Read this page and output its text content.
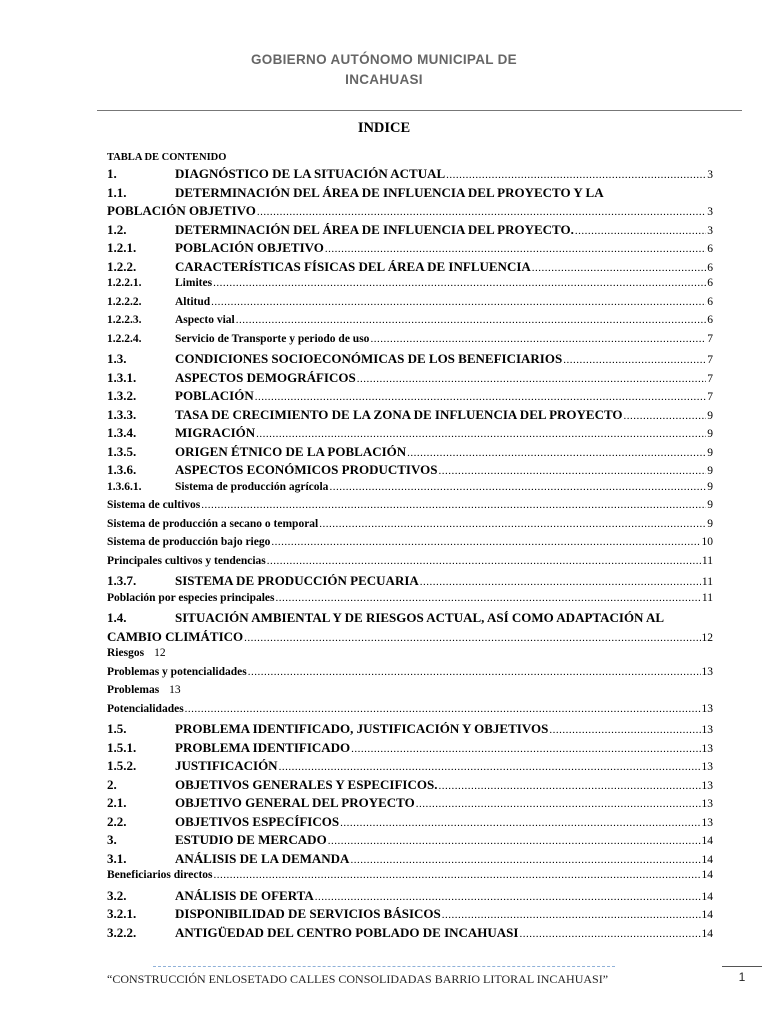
GOBIERNO AUTÓNOMO MUNICIPAL DE
INCAHUASI
INDICE
TABLA DE CONTENIDO
1.	DIAGNÓSTICO DE LA SITUACIÓN ACTUAL .....	3
1.1.	DETERMINACIÓN DEL ÁREA DE INFLUENCIA DEL PROYECTO Y LA
POBLACIÓN OBJETIVO .....	3
1.2.	DETERMINACIÓN DEL ÁREA DE INFLUENCIA DEL PROYECTO. .....	3
1.2.1.	POBLACIÓN OBJETIVO .....	6
1.2.2.	CARACTERÍSTICAS FÍSICAS DEL ÁREA DE INFLUENCIA .....	6
1.2.2.1.	Limites .....	6
1.2.2.2.	Altitud .....	6
1.2.2.3.	Aspecto vial .....	6
1.2.2.4.	Servicio de Transporte y periodo de uso .....	7
1.3.	CONDICIONES SOCIOECONÓMICAS DE LOS BENEFICIARIOS .....	7
1.3.1.	ASPECTOS DEMOGRÁFICOS .....	7
1.3.2.	POBLACIÓN .....	7
1.3.3.	TASA DE CRECIMIENTO DE LA ZONA DE INFLUENCIA DEL PROYECTO .....	9
1.3.4.	MIGRACIÓN .....	9
1.3.5.	ORIGEN ÉTNICO DE LA POBLACIÓN .....	9
1.3.6.	ASPECTOS ECONÓMICOS PRODUCTIVOS .....	9
1.3.6.1.	Sistema de producción agrícola .....	9
Sistema de cultivos .....	9
Sistema de producción a secano o temporal .....	9
Sistema de producción bajo riego .....	10
Principales cultivos y tendencias .....	11
1.3.7.	SISTEMA DE PRODUCCIÓN PECUARIA .....	11
Población por especies principales .....	11
1.4.	SITUACIÓN AMBIENTAL Y DE RIESGOS ACTUAL, ASÍ COMO ADAPTACIÓN AL
CAMBIO CLIMÁTICO .....	12
Riesgos 12
Problemas y potencialidades .....	13
Problemas 13
Potencialidades .....	13
1.5.	PROBLEMA IDENTIFICADO, JUSTIFICACIÓN Y OBJETIVOS .....	13
1.5.1.	PROBLEMA IDENTIFICADO .....	13
1.5.2.	JUSTIFICACIÓN .....	13
2.	OBJETIVOS GENERALES Y ESPECIFICOS. .....	13
2.1.	OBJETIVO GENERAL DEL PROYECTO .....	13
2.2.	OBJETIVOS ESPECÍFICOS .....	13
3.	ESTUDIO DE MERCADO .....	14
3.1.	ANÁLISIS DE LA DEMANDA .....	14
Beneficiarios directos .....	14
3.2.	ANÁLISIS DE OFERTA .....	14
3.2.1.	DISPONIBILIDAD DE SERVICIOS BÁSICOS .....	14
3.2.2.	ANTIGÜEDAD DEL CENTRO POBLADO DE INCAHUASI .....	14
“CONSTRUCCIÓN ENLOSETADO CALLES CONSOLIDADAS BARRIO LITORAL INCAHUASI”	1
